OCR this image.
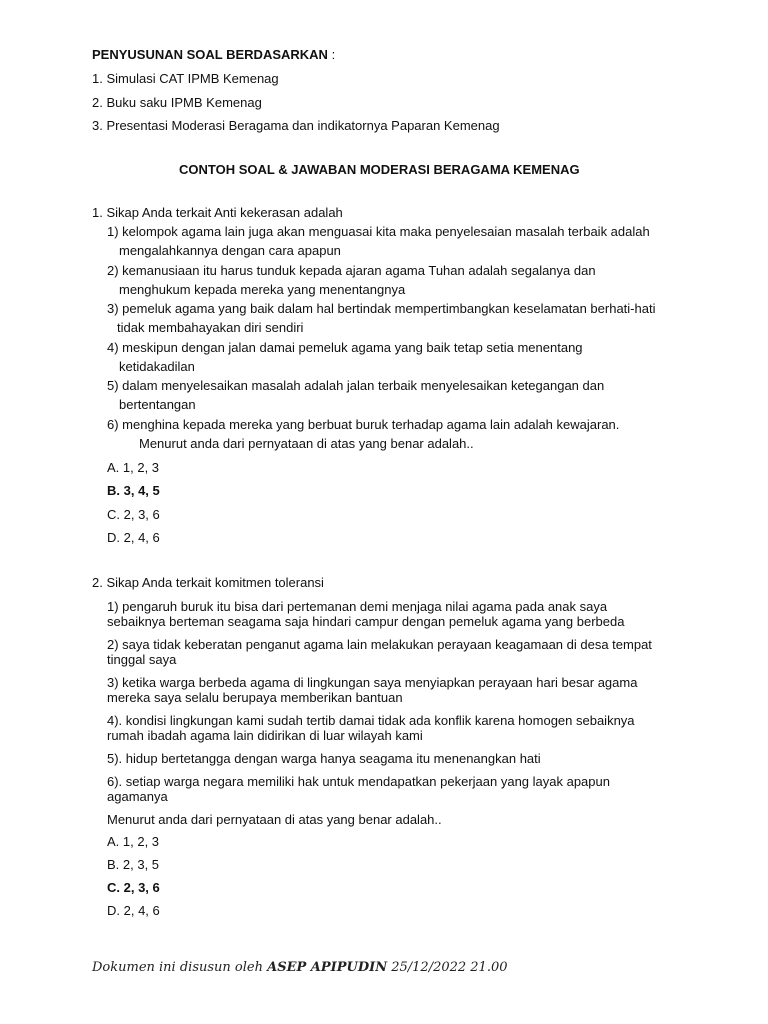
PENYUSUNAN SOAL BERDASARKAN :
1. Simulasi CAT IPMB Kemenag
2. Buku saku IPMB Kemenag
3. Presentasi Moderasi Beragama dan indikatornya Paparan Kemenag
CONTOH SOAL & JAWABAN MODERASI BERAGAMA KEMENAG
1. Sikap Anda terkait Anti kekerasan adalah
1) kelompok agama lain juga akan menguasai kita maka penyelesaian masalah terbaik adalah
mengalahkannya dengan cara apapun
2) kemanusiaan itu harus tunduk kepada ajaran agama Tuhan adalah segalanya dan
menghukum kepada mereka yang menentangnya
3) pemeluk agama yang baik dalam hal bertindak mempertimbangkan keselamatan berhati-hati
tidak membahayakan diri sendiri
4) meskipun dengan jalan damai pemeluk agama yang baik tetap setia menentang
ketidakadilan
5) dalam menyelesaikan masalah adalah jalan terbaik menyelesaikan ketegangan dan
bertentangan
6) menghina kepada mereka yang berbuat buruk terhadap agama lain adalah kewajaran.
Menurut anda dari pernyataan di atas yang benar adalah..
A. 1, 2, 3
B. 3, 4, 5
C. 2, 3, 6
D. 2, 4, 6
2. Sikap Anda terkait komitmen toleransi
1) pengaruh buruk itu bisa dari pertemanan demi menjaga nilai agama pada anak saya
sebaiknya berteman seagama saja hindari campur dengan pemeluk agama yang berbeda
2) saya tidak keberatan penganut agama lain melakukan perayaan keagamaan di desa tempat
tinggal saya
3) ketika warga berbeda agama di lingkungan saya menyiapkan perayaan hari besar agama
mereka saya selalu berupaya memberikan bantuan
4). kondisi lingkungan kami sudah tertib damai tidak ada konflik karena homogen sebaiknya
rumah ibadah agama lain didirikan di luar wilayah kami
5). hidup bertetangga dengan warga hanya seagama itu menenangkan hati
6). setiap warga negara memiliki hak untuk mendapatkan pekerjaan yang layak apapun
agamanya
Menurut anda dari pernyataan di atas yang benar adalah..
A. 1, 2, 3
B. 2, 3, 5
C. 2, 3, 6
D. 2, 4, 6
Dokumen ini disusun oleh ASEP APIPUDIN 25/12/2022 21.00
